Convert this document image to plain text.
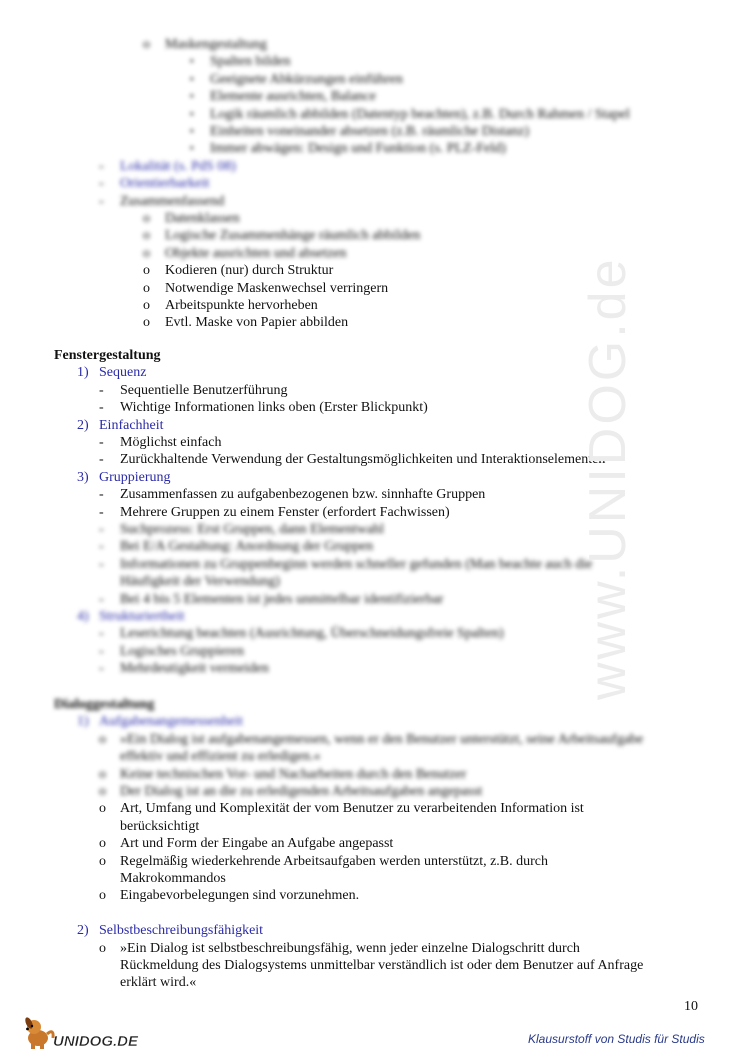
o Maskengestaltung
▪ Spalten bilden
▪ Geeignete Abkürzungen einführen
▪ Elemente ausrichten, Balance
▪ Logik räumlich abbilden (Datentyp beachten), z.B. Durch Rahmen / Stapel
▪ Einheiten voneinander absetzen (z.B. räumliche Distanz)
▪ Immer abwägen: Design und Funktion (s. PLZ-Feld)
- Lokalität (s. PdS 08)
- Orientierbarkeit
- Zusammenfassend
o Datenklassen
o Logische Zusammenhänge räumlich abbilden
o Objekte ausrichten und absetzen
o Kodieren (nur) durch Struktur
o Notwendige Maskenwechsel verringern
o Arbeitspunkte hervorheben
o Evtl. Maske von Papier abbilden
Fenstergestaltung
1) Sequenz
- Sequentielle Benutzerführung
- Wichtige Informationen links oben (Erster Blickpunkt)
2) Einfachheit
- Möglichst einfach
- Zurückhaltende Verwendung der Gestaltungsmöglichkeiten und Interaktionselementen
3) Gruppierung
- Zusammenfassen zu aufgabenbezogenen bzw. sinnhafte Gruppen
- Mehrere Gruppen zu einem Fenster (erfordert Fachwissen)
- Suchprozess: Erst Gruppen, dann Elementwahl
- Bei E/A Gestaltung: Anordnung der Gruppen
- Informationen zu Gruppenbeginn werden schneller gefunden (Man beachte auch die
Häufigkeit der Verwendung)
- Bei 4 bis 5 Elementen ist jedes unmittelbar identifizierbar
4) Strukturiertheit
- Leserichtung beachten (Ausrichtung, Überschneidungsfreie Spalten)
- Logisches Gruppieren
- Mehrdeutigkeit vermeiden
Dialoggestaltung
1) Aufgabenangemessenheit
o »Ein Dialog ist aufgabenangemessen, wenn er den Benutzer unterstützt, seine Arbeitsaufgabe
effektiv und effizient zu erledigen.«
o Keine technischen Vor- und Nacharbeiten durch den Benutzer
o Der Dialog ist an die zu erledigenden Arbeitsaufgaben angepasst
o Art, Umfang und Komplexität der vom Benutzer zu verarbeitenden Information ist
berücksichtigt
o Art und Form der Eingabe an Aufgabe angepasst
o Regelmäßig wiederkehrende Arbeitsaufgaben werden unterstützt, z.B. durch
Makrokommandos
o Eingabevorbelegungen sind vorzunehmen.
2) Selbstbeschreibungsfähigkeit
o »Ein Dialog ist selbstbeschreibungsfähig, wenn jeder einzelne Dialogschritt durch
Rückmeldung des Dialogsystems unmittelbar verständlich ist oder dem Benutzer auf Anfrage
erklärt wird.«
www.UNIDOG.de
10
UNIDOG.DE	Klausurstoff von Studis für Studis
